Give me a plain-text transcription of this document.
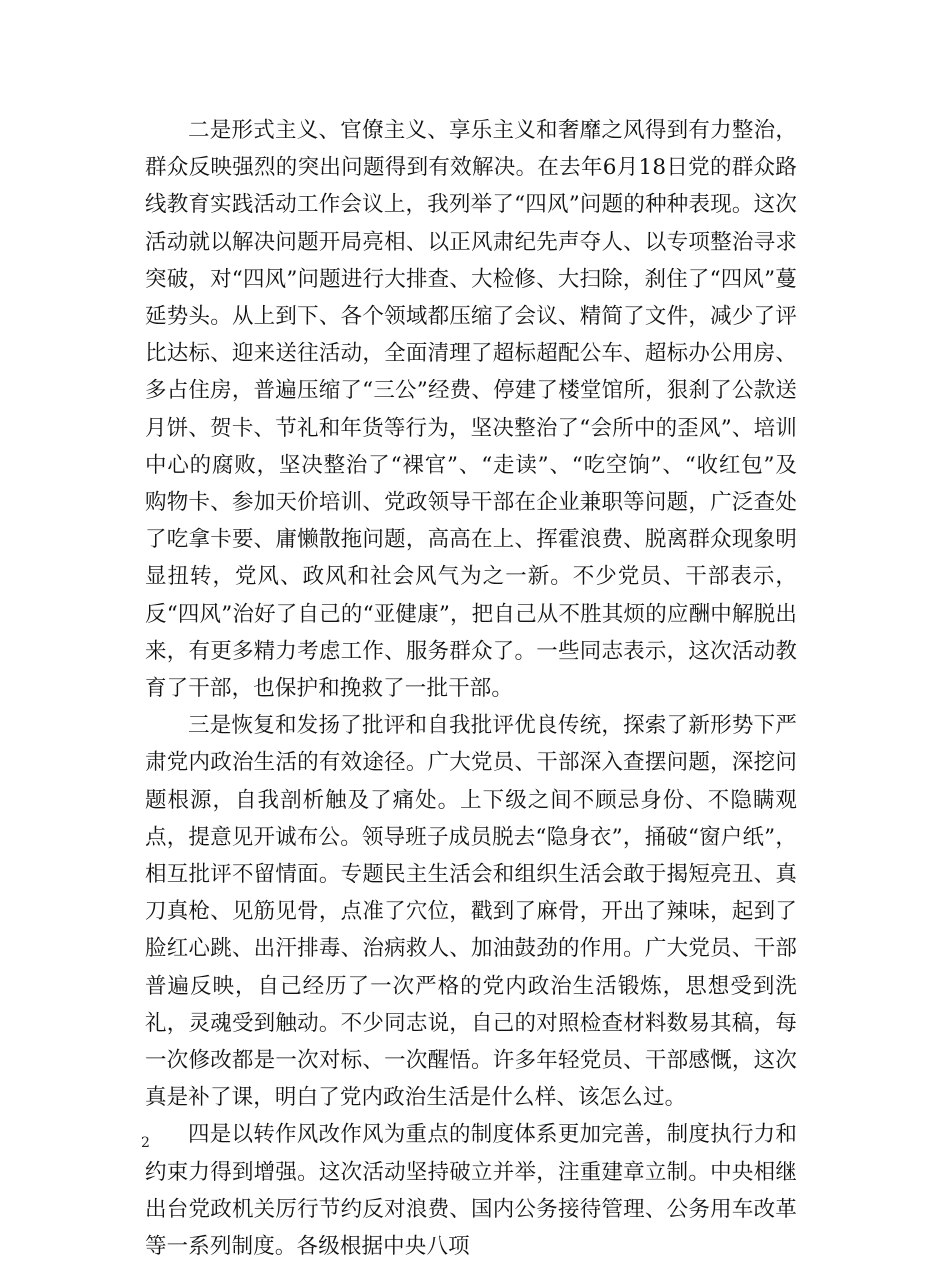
二是形式主义、官僚主义、享乐主义和奢靡之风得到有力整治，群众反映强烈的突出问题得到有效解决。在去年6月18日党的群众路线教育实践活动工作会议上，我列举了“四风”问题的种种表现。这次活动就以解决问题开局亮相、以正风肃纪先声夺人、以专项整治寻求突破，对“四风”问题进行大排查、大检修、大扫除，刹住了“四风”蔓延势头。从上到下、各个领域都压缩了会议、精简了文件，减少了评比达标、迎来送往活动，全面清理了超标超配公车、超标办公用房、多占住房，普遍压缩了“三公”经费、停建了楼堂馆所，狠刹了公款送月饼、贺卡、节礼和年货等行为，坚决整治了“会所中的歪风”、培训中心的腐败，坚决整治了“裸官”、“走读”、“吃空饷”、“收红包”及购物卡、参加天价培训、党政领导干部在企业兼职等问题，广泛查处了吃拿卡要、庸懒散拖问题，高高在上、挥霍浪费、脱离群众现象明显扭转，党风、政风和社会风气为之一新。不少党员、干部表示，反“四风”治好了自己的“亚健康”，把自己从不胜其烦的应酬中解脱出来，有更多精力考虑工作、服务群众了。一些同志表示，这次活动教育了干部，也保护和挽救了一批干部。

三是恢复和发扬了批评和自我批评优良传统，探索了新形势下严肃党内政治生活的有效途径。广大党员、干部深入查摆问题，深挖问题根源，自我剖析触及了痛处。上下级之间不顾忌身份、不隐瞒观点，提意见开诚布公。领导班子成员脱去“隐身衣”，捅破“窗户纸”，相互批评不留情面。专题民主生活会和组织生活会敢于揭短亮丑、真刀真枪、见筋见骨，点准了穴位，戳到了麻骨，开出了辣味，起到了脸红心跳、出汗排毒、治病救人、加油鼓劲的作用。广大党员、干部普遍反映，自己经历了一次严格的党内政治生活锻炼，思想受到洗礼，灵魂受到触动。不少同志说，自己的对照检查材料数易其稿，每一次修改都是一次对标、一次醒悟。许多年轻党员、干部感慨，这次真是补了课，明白了党内政治生活是什么样、该怎么过。

四是以转作风改作风为重点的制度体系更加完善，制度执行力和约束力得到增强。这次活动坚持破立并举，注重建章立制。中央相继出台党政机关厉行节约反对浪费、国内公务接待管理、公务用车改革等一系列制度。各级根据中央八项

2
